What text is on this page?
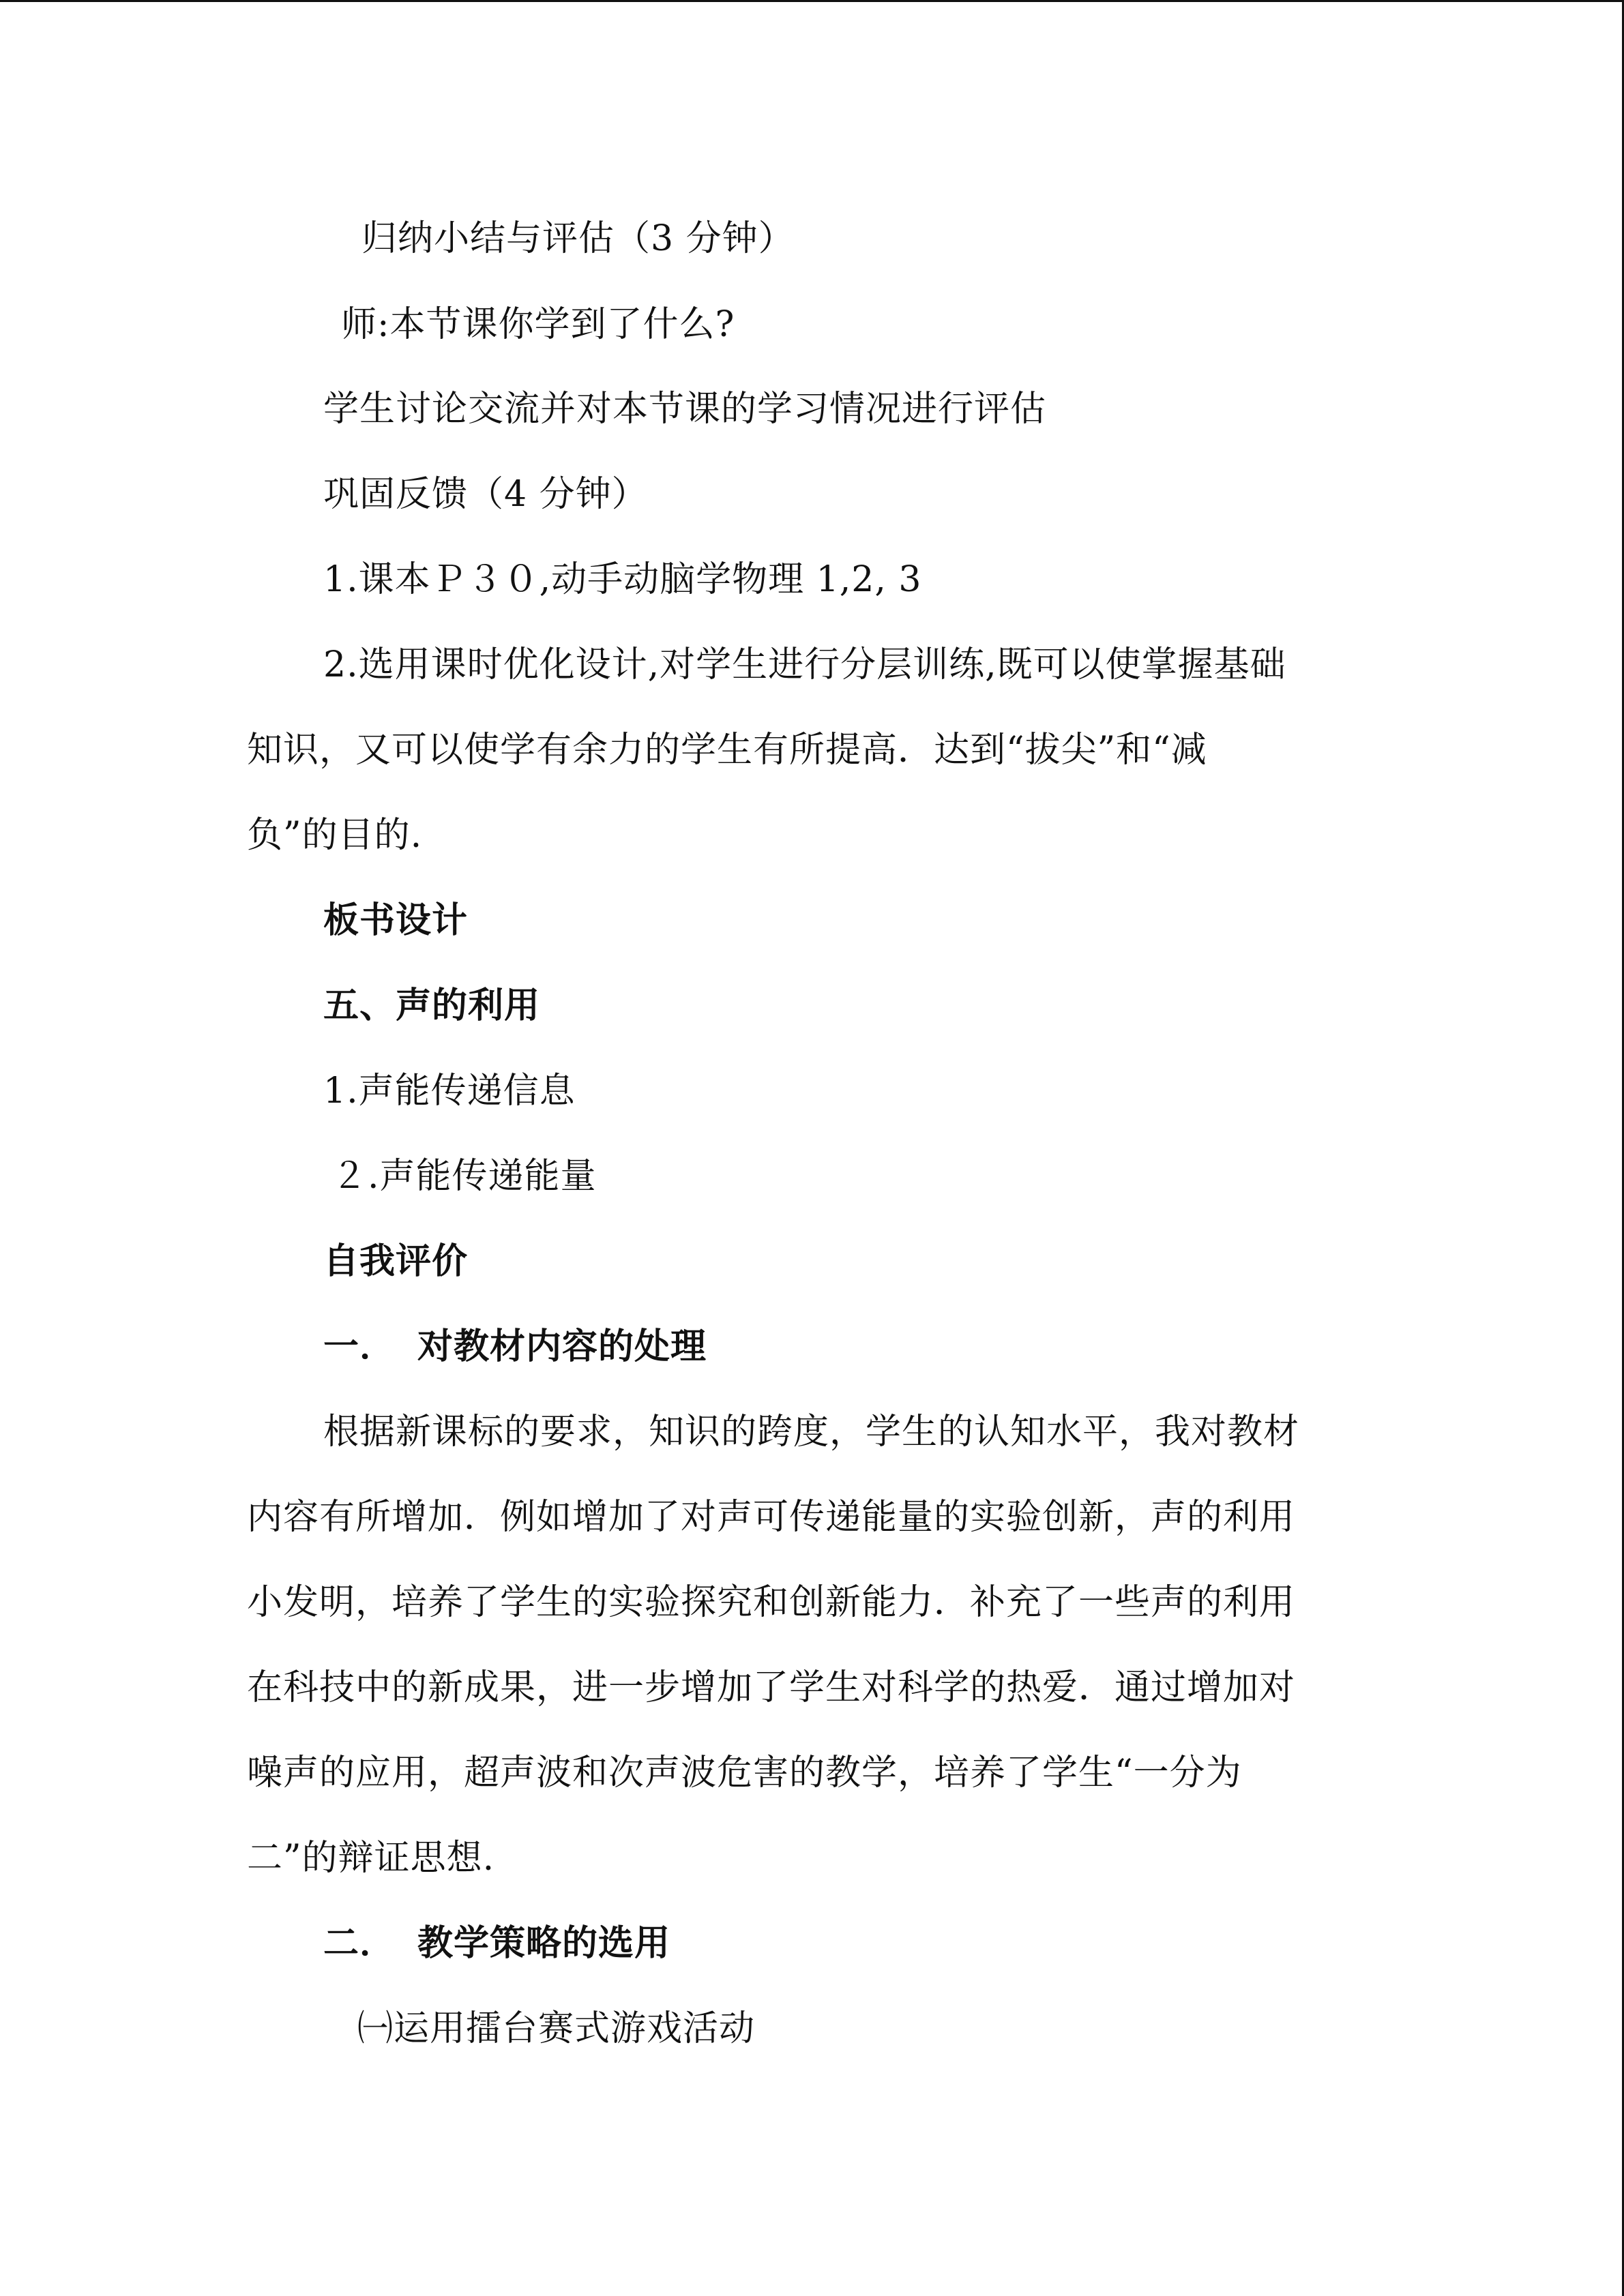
归纳小结与评估（3 分钟）
师:本节课你学到了什么?
学生讨论交流并对本节课的学习情况进行评估
巩固反馈（4 分钟）
1.课本Ｐ３０,动手动脑学物理 1,2, 3
2.选用课时优化设计,对学生进行分层训练,既可以使掌握基础
知识，又可以使学有余力的学生有所提高．达到“拔尖”和“减
负”的目的.
板书设计
五、声的利用
1.声能传递信息
２.声能传递能量
自我评价
一． 对教材内容的处理
根据新课标的要求，知识的跨度，学生的认知水平，我对教材
内容有所增加．例如增加了对声可传递能量的实验创新，声的利用
小发明，培养了学生的实验探究和创新能力．补充了一些声的利用
在科技中的新成果，进一步增加了学生对科学的热爱．通过增加对
噪声的应用，超声波和次声波危害的教学，培养了学生“一分为
二”的辩证思想.
二． 教学策略的选用
㈠运用擂台赛式游戏活动
